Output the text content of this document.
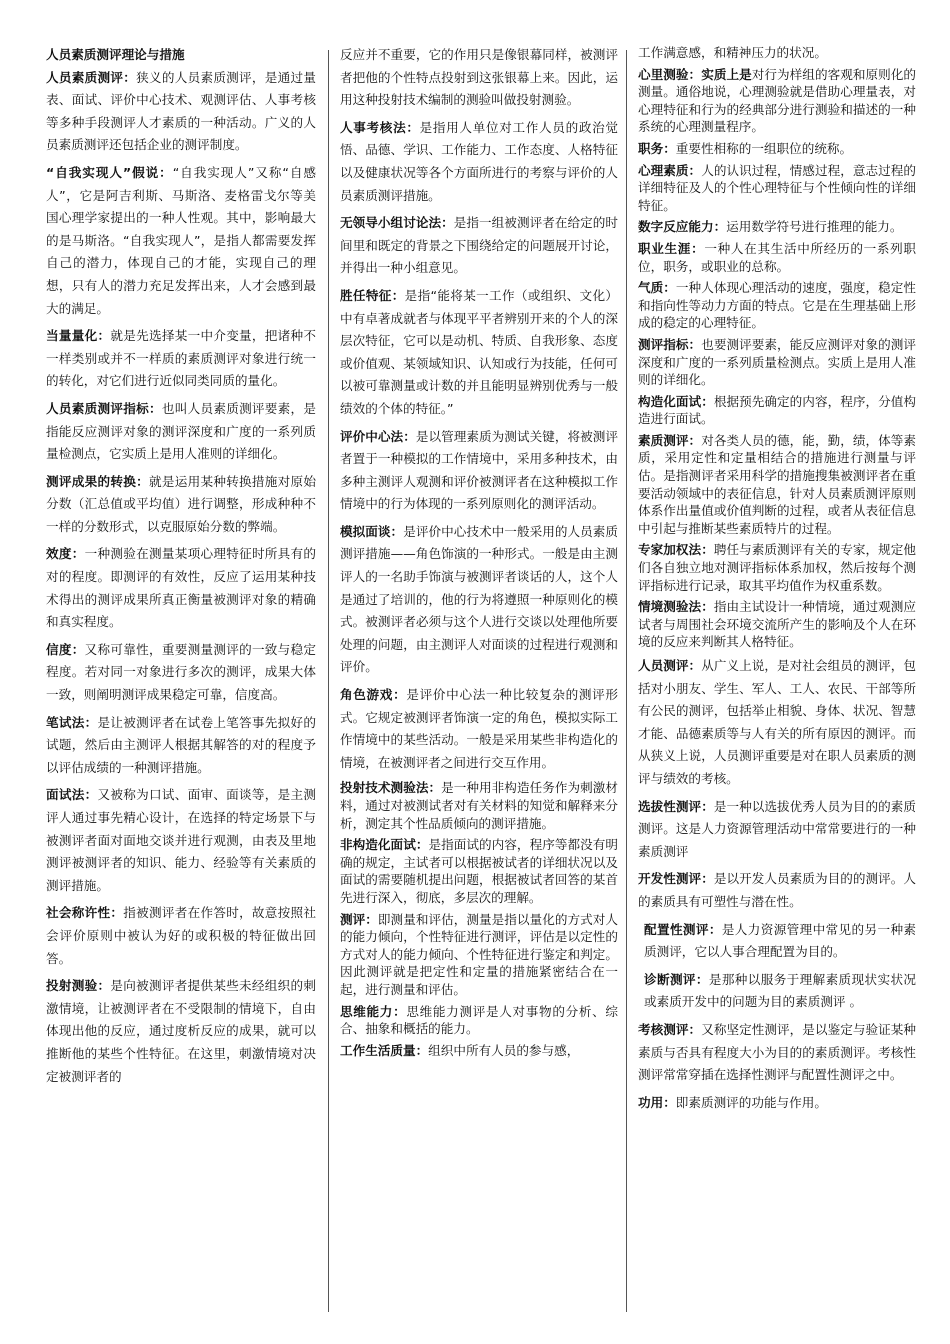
人员素质测评理论与措施

人员素质测评：狭义的人员素质测评，是通过量表、面试、评价中心技术、观测评估、人事考核等多种手段测评人才素质的一种活动。广义的人员素质测评还包括企业的测评制度。

“自我实现人”假说：“自我实现人”又称“自感人”，它是阿吉利斯、马斯洛、麦格雷戈尔等美国心理学家提出的一种人性观。其中，影响最大的是马斯洛。“自我实现人”，是指人都需要发挥自己的潜力，体现自己的才能，实现自己的理想，只有人的潜力充足发挥出来，人才会感到最大的满足。

当量量化：就是先选择某一中介变量，把诸种不一样类别或并不一样质的素质测评对象进行统一的转化，对它们进行近似同类同质的量化。

人员素质测评指标：也叫人员素质测评要素，是指能反应测评对象的测评深度和广度的一系列质量检测点，它实质上是用人准则的详细化。

测评成果的转换：就是运用某种转换措施对原始分数（汇总值或平均值）进行调整，形成种种不一样的分数形式，以克服原始分数的弊端。

效度：一种测验在测量某项心理特征时所具有的对的程度。即测评的有效性，反应了运用某种技术得出的测评成果所真正衡量被测评对象的精确和真实程度。

信度：又称可靠性，重要测量测评的一致与稳定程度。若对同一对象进行多次的测评，成果大体一致，则阐明测评成果稳定可靠，信度高。

笔试法：是让被测评者在试卷上笔答事先拟好的试题，然后由主测评人根据其解答的对的程度予以评估成绩的一种测评措施。

面试法：又被称为口试、面审、面谈等，是主测评人通过事先精心设计，在选择的特定场景下与被测评者面对面地交谈并进行观测，由表及里地测评被测评者的知识、能力、经验等有关素质的测评措施。

社会称许性：指被测评者在作答时，故意按照社会评价原则中被认为好的或积极的特征做出回答。

投射测验：是向被测评者提供某些未经组织的刺激情境，让被测评者在不受限制的情境下，自由体现出他的反应，通过度析反应的成果，就可以推断他的某些个性特征。在这里，刺激情境对决定被测评者的

反应并不重要，它的作用只是像银幕同样，被测评者把他的个性特点投射到这张银幕上来。因此，运用这种投射技术编制的测验叫做投射测验。

人事考核法：是指用人单位对工作人员的政治觉悟、品德、学识、工作能力、工作态度、人格特征以及健康状况等各个方面所进行的考察与评价的人员素质测评措施。

无领导小组讨论法：是指一组被测评者在给定的时间里和既定的背景之下围绕给定的问题展开讨论，并得出一种小组意见。

胜任特征：是指“能将某一工作（或组织、文化）中有卓著成就者与体现平平者辨别开来的个人的深层次特征，它可以是动机、特质、自我形象、态度或价值观、某领域知识、认知或行为技能，任何可以被可靠测量或计数的并且能明显辨别优秀与一般绩效的个体的特征。”

评价中心法：是以管理素质为测试关键，将被测评者置于一种模拟的工作情境中，采用多种技术，由多种主测评人观测和评价被测评者在这种模拟工作情境中的行为体现的一系列原则化的测评活动。

模拟面谈：是评价中心技术中一般采用的人员素质测评措施——角色饰演的一种形式。一般是由主测评人的一名助手饰演与被测评者谈话的人，这个人是通过了培训的，他的行为将遵照一种原则化的模式。被测评者必须与这个人进行交谈以处理他所要处理的问题，由主测评人对面谈的过程进行观测和评价。

角色游戏：是评价中心法一种比较复杂的测评形式。它规定被测评者饰演一定的角色，模拟实际工作情境中的某些活动。一般是采用某些非构造化的情境，在被测评者之间进行交互作用。

投射技术测验法：是一种用非构造任务作为刺激材料，通过对被测试者对有关材料的知觉和解释来分析，测定其个性品质倾向的测评措施。

非构造化面试：是指面试的内容，程序等都没有明确的规定，主试者可以根据被试者的详细状况以及面试的需要随机提出问题，根据被试者回答的某首先进行深入，彻底，多层次的理解。

测评：即测量和评估，测量是指以量化的方式对人的能力倾向，个性特征进行测评，评估是以定性的方式对人的能力倾向、个性特征进行鉴定和判定。因此测评就是把定性和定量的措施紧密结合在一起，进行测量和评估。

思维能力：思维能力测评是人对事物的分析、综合、抽象和概括的能力。

工作生活质量：组织中所有人员的参与感，

工作满意感，和精神压力的状况。

心里测验：实质上是对行为样组的客观和原则化的测量。通俗地说，心理测验就是借助心理量表，对心理特征和行为的经典部分进行测验和描述的一种系统的心理测量程序。

职务：重要性相称的一组职位的统称。

心理素质：人的认识过程，情感过程，意志过程的详细特征及人的个性心理特征与个性倾向性的详细特征。

数字反应能力：运用数学符号进行推理的能力。

职业生涯：一种人在其生活中所经历的一系列职位，职务，或职业的总称。

气质：一种人体现心理活动的速度，强度，稳定性和指向性等动力方面的特点。它是在生理基础上形成的稳定的心理特征。

测评指标：也要测评要素，能反应测评对象的测评深度和广度的一系列质量检测点。实质上是用人准则的详细化。

构造化面试：根据预先确定的内容，程序，分值构造进行面试。

素质测评：对各类人员的德，能，勤，绩，体等素质，采用定性和定量相结合的措施进行测量与评估。是指测评者采用科学的措施搜集被测评者在重要活动领域中的表征信息，针对人员素质测评原则体系作出量值或价值判断的过程，或者从表征信息中引起与推断某些素质特片的过程。

专家加权法：聘任与素质测评有关的专家，规定他们各自独立地对测评指标体系加权，然后按每个测评指标进行记录，取其平均值作为权重系数。

情境测验法：指由主试设计一种情境，通过观测应试者与周围社会环境交流所产生的影响及个人在环境的反应来判断其人格特征。

人员测评：从广义上说，是对社会组员的测评，包括对小朋友、学生、军人、工人、农民、干部等所有公民的测评，包括举止相貌、身体、状况、智慧才能、品德素质等与人有关的所有原因的测评。而从狭义上说，人员测评重要是对在职人员素质的测评与绩效的考核。

选拔性测评：是一种以选拔优秀人员为目的的素质测评。这是人力资源管理活动中常常要进行的一种素质测评

开发性测评：是以开发人员素质为目的的测评。人的素质具有可塑性与潜在性。

配置性测评：是人力资源管理中常见的另一种素质测评，它以人事合理配置为目的。

诊断测评：是那种以服务于理解素质现状实状况或素质开发中的问题为目的素质测评 。

考核测评：又称坚定性测评，是以鉴定与验证某种素质与否具有程度大小为目的的素质测评。考核性测评常常穿插在选择性测评与配置性测评之中。

功用：即素质测评的功能与作用。
